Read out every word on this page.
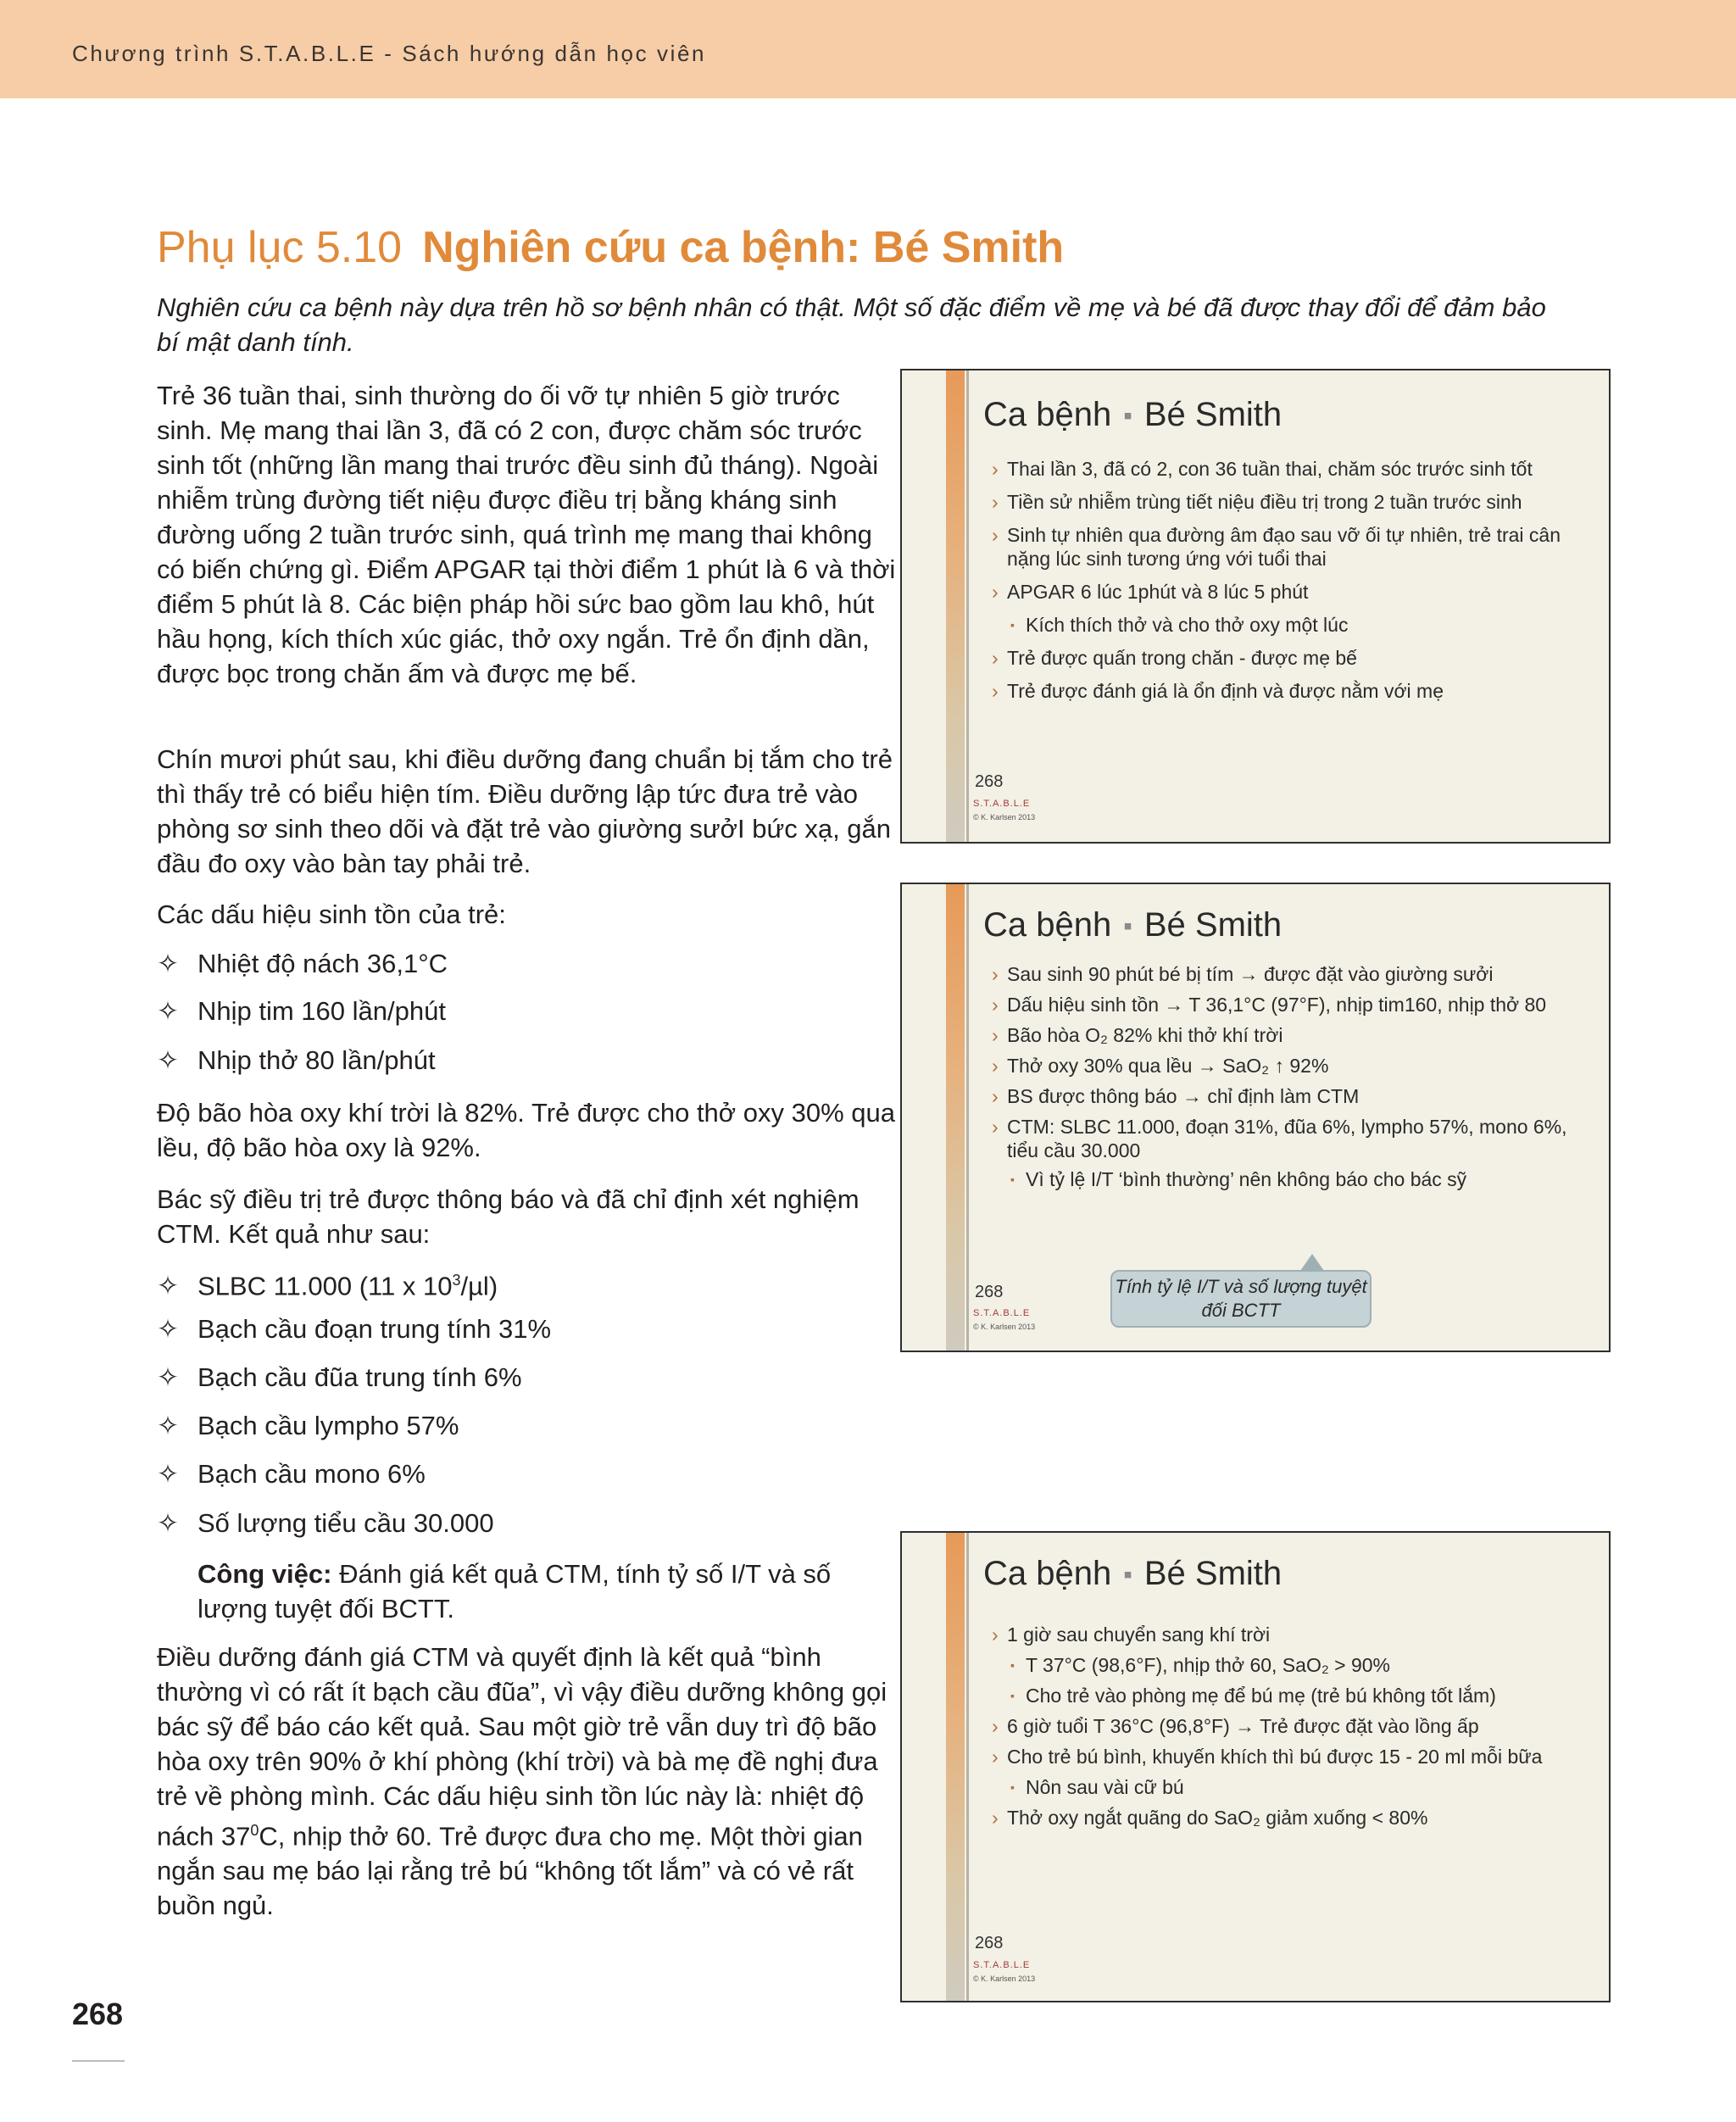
Chương trình S.T.A.B.L.E - Sách hướng dẫn học viên
Phụ lục 5.10 Nghiên cứu ca bệnh: Bé Smith
Nghiên cứu ca bệnh này dựa trên hồ sơ bệnh nhân có thật. Một số đặc điểm về mẹ và bé đã được thay đổi để đảm bảo bí mật danh tính.

Trẻ 36 tuần thai, sinh thường do ối vỡ tự nhiên 5 giờ trước sinh. Mẹ mang thai lần 3, đã có 2 con, được chăm sóc trước sinh tốt (những lần mang thai trước đều sinh đủ tháng). Ngoài nhiễm trùng đường tiết niệu được điều trị bằng kháng sinh đường uống 2 tuần trước sinh, quá trình mẹ mang thai không có biến chứng gì. Điểm APGAR tại thời điểm 1 phút là 6 và thời điểm 5 phút là 8. Các biện pháp hồi sức bao gồm lau khô, hút hầu họng, kích thích xúc giác, thở oxy ngắn. Trẻ ổn định dần, được bọc trong chăn ấm và được mẹ bế.

Chín mươi phút sau, khi điều dưỡng đang chuẩn bị tắm cho trẻ thì thấy trẻ có biểu hiện tím. Điều dưỡng lập tức đưa trẻ vào phòng sơ sinh theo dõi và đặt trẻ vào giường sưởI bức xạ, gắn đầu đo oxy vào bàn tay phải trẻ.

Các dấu hiệu sinh tồn của trẻ:

✧ Nhiệt độ nách 36,1°C
✧ Nhịp tim 160 lần/phút
✧ Nhịp thở 80 lần/phút

Độ bão hòa oxy khí trời là 82%. Trẻ được cho thở oxy 30% qua lều, độ bão hòa oxy là 92%.

Bác sỹ điều trị trẻ được thông báo và đã chỉ định xét nghiệm CTM. Kết quả như sau:

✧ SLBC 11.000 (11 x $10^3/\mu l$)
✧ Bạch cầu đoạn trung tính 31%
✧ Bạch cầu đũa trung tính 6%
✧ Bạch cầu lympho 57%
✧ Bạch cầu mono 6%
✧ Số lượng tiểu cầu 30.000
Công việc: Đánh giá kết quả CTM, tính tỷ số I/T và số lượng tuyệt đối BCTT.

Điều dưỡng đánh giá CTM và quyết định là kết quả “bình thường vì có rất ít bạch cầu đũa”, vì vậy điều dưỡng không gọi bác sỹ để báo cáo kết quả. Sau một giờ trẻ vẫn duy trì độ bão hòa oxy trên 90% ở khí phòng (khí trời) và bà mẹ đề nghị đưa trẻ về phòng mình. Các dấu hiệu sinh tồn lúc này là: nhiệt độ nách $37^0C$, nhịp thở 60. Trẻ được đưa cho mẹ. Một thời gian ngắn sau mẹ báo lại rằng trẻ bú “không tốt lắm” và có vẻ rất buồn ngủ.

Ca bệnh ▪ Bé Smith
› Thai lần 3, đã có 2, con 36 tuần thai, chăm sóc trước sinh tốt
› Tiền sử nhiễm trùng tiết niệu điều trị trong 2 tuần trước sinh
› Sinh tự nhiên qua đường âm đạo sau vỡ ối tự nhiên, trẻ trai cân nặng lúc sinh tương ứng với tuổi thai
› APGAR 6 lúc 1phút và 8 lúc 5 phút
▪ Kích thích thở và cho thở oxy một lúc
› Trẻ được quấn trong chăn - được mẹ bế
› Trẻ được đánh giá là ổn định và được nằm với mẹ
268
S.T.A.B.L.E
© K. Karlsen 2013
Ca bệnh ▪ Bé Smith
› Sau sinh 90 phút bé bị tím → được đặt vào giường sưởi
› Dấu hiệu sinh tồn → T 36,1°C (97°F), nhịp tim160, nhịp thở 80
› Bão hòa O₂ 82% khi thở khí trời
› Thở oxy 30% qua lều → SaO₂ ↑ 92%
› BS được thông báo → chỉ định làm CTM
› CTM: SLBC 11.000, đoạn 31%, đũa 6%, lympho 57%, mono 6%, tiểu cầu 30.000
▪ Vì tỷ lệ I/T ‘bình thường’ nên không báo cho bác sỹ
Tính tỷ lệ I/T và số lượng tuyệt đối BCTT
268
S.T.A.B.L.E
© K. Karlsen 2013
Ca bệnh ▪ Bé Smith
› 1 giờ sau chuyển sang khí trời
▪ T 37°C (98,6°F), nhịp thở 60, SaO₂ > 90%
▪ Cho trẻ vào phòng mẹ để bú mẹ (trẻ bú không tốt lắm)
› 6 giờ tuổi T 36°C (96,8°F) → Trẻ được đặt vào lồng ấp
› Cho trẻ bú bình, khuyến khích thì bú được 15 - 20 ml mỗi bữa
▪ Nôn sau vài cữ bú
› Thở oxy ngắt quãng do SaO₂ giảm xuống < 80%
268
S.T.A.B.L.E
© K. Karlsen 2013
268
